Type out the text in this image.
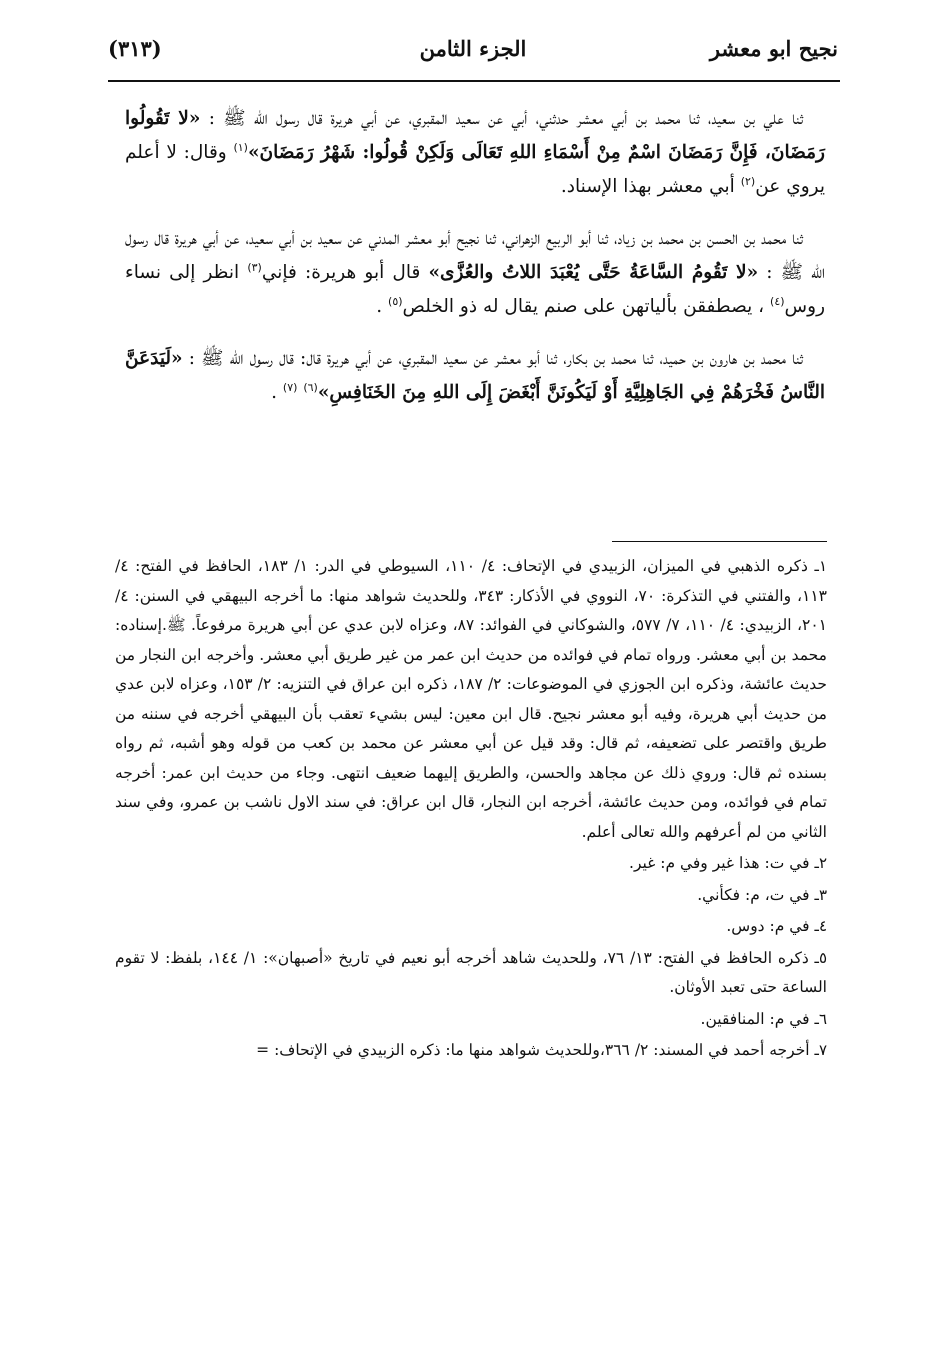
نجيح ابو معشر
الجزء الثامن
(٣١٣)

ثنا علي بن سعيد، ثنا محمد بن أبي معشر حدثني، أبي عن سعيد المقبري، عن أبي هريرة قال رسول الله ﷺ : «لا تَقُولُوا رَمَضَانَ، فَإِنَّ رَمَضَانَ اسْمٌ مِنْ أَسْمَاءِ اللهِ تَعَالَى وَلَكِنْ قُولُوا: شَهْرُ رَمَضَانَ»$^{(١)}$ وقال: لا أعلم يروي عن$^{(٢)}$ أبي معشر بهذا الإسناد.

ثنا محمد بن الحسن بن محمد بن زياد، ثنا أبو الربيع الزهراني، ثنا نجيح أبو معشر المدني عن سعيد بن أبي سعيد، عن أبي هريرة قال رسول الله ﷺ : «لا تَقُومُ السَّاعَةُ حَتَّى يُعْبَدَ اللاتُ والعُزَّى» قال أبو هريرة: فإني$^{(٣)}$ انظر إلى نساء روس$^{(٤)}$ ، يصطفقن بألياتهن على صنم يقال له ذو الخلص$^{(٥)}$ .

ثنا محمد بن هارون بن حميد، ثنا محمد بن بكار، ثنا أبو معشر عن سعيد المقبري، عن أبي هريرة قال: قال رسول الله ﷺ : «لَيَدَعَنَّ النَّاسُ فَخْرَهُمْ فِي الجَاهِلِيَّةِ أَوْ لَيَكُونَنَّ أَبْغَضَ إِلَى اللهِ مِنَ الخَنَافِسِ»$^{(٦)}$ $^{(٧)}$ .

١ـ ذكره الذهبي في الميزان، الزبيدي في الإتحاف: ٤/ ١١٠، السيوطي في الدر: ١/ ١٨٣، الحافظ في الفتح: ٤/ ١١٣، والفتني في التذكرة: ٧٠، النووي في الأذكار: ٣٤٣، وللحديث شواهد منها: ما أخرجه البيهقي في السنن: ٤/ ٢٠١، الزبيدي: ٤/ ١١٠، ٧/ ٥٧٧، والشوكاني في الفوائد: ٨٧، وعزاه لابن عدي عن أبي هريرة مرفوعاً. ﷺ.إسناده: محمد بن أبي معشر. ورواه تمام في فوائده من حديث ابن عمر من غير طريق أبي معشر. وأخرجه ابن النجار من حديث عائشة، وذكره ابن الجوزي في الموضوعات: ٢/ ١٨٧، ذكره ابن عراق في التنزيه: ٢/ ١٥٣، وعزاه لابن عدي من حديث أبي هريرة، وفيه أبو معشر نجيح. قال ابن معين: ليس بشيء تعقب بأن البيهقي أخرجه في سننه من طريق واقتصر على تضعيفه، ثم قال: وقد قيل عن أبي معشر عن محمد بن كعب من قوله وهو أشبه، ثم رواه بسنده ثم قال: وروي ذلك عن مجاهد والحسن، والطريق إليهما ضعيف انتهى. وجاء من حديث ابن عمر: أخرجه تمام في فوائده، ومن حديث عائشة، أخرجه ابن النجار، قال ابن عراق: في سند الاول ناشب بن عمرو، وفي سند الثاني من لم أعرفهم والله تعالى أعلم.
٢ـ في ت: هذا غير وفي م: غير.
٣ـ في ت، م: فكأني.
٤ـ في م: دوس.
٥ـ ذكره الحافظ في الفتح: ١٣/ ٧٦، وللحديث شاهد أخرجه أبو نعيم في تاريخ «أصبهان»: ١/ ١٤٤، بلفظ: لا تقوم الساعة حتى تعبد الأوثان.
٦ـ في م: المنافقين.
٧ـ أخرجه أحمد في المسند: ٢/ ٣٦٦،وللحديث شواهد منها ما: ذكره الزبيدي في الإتحاف: =
